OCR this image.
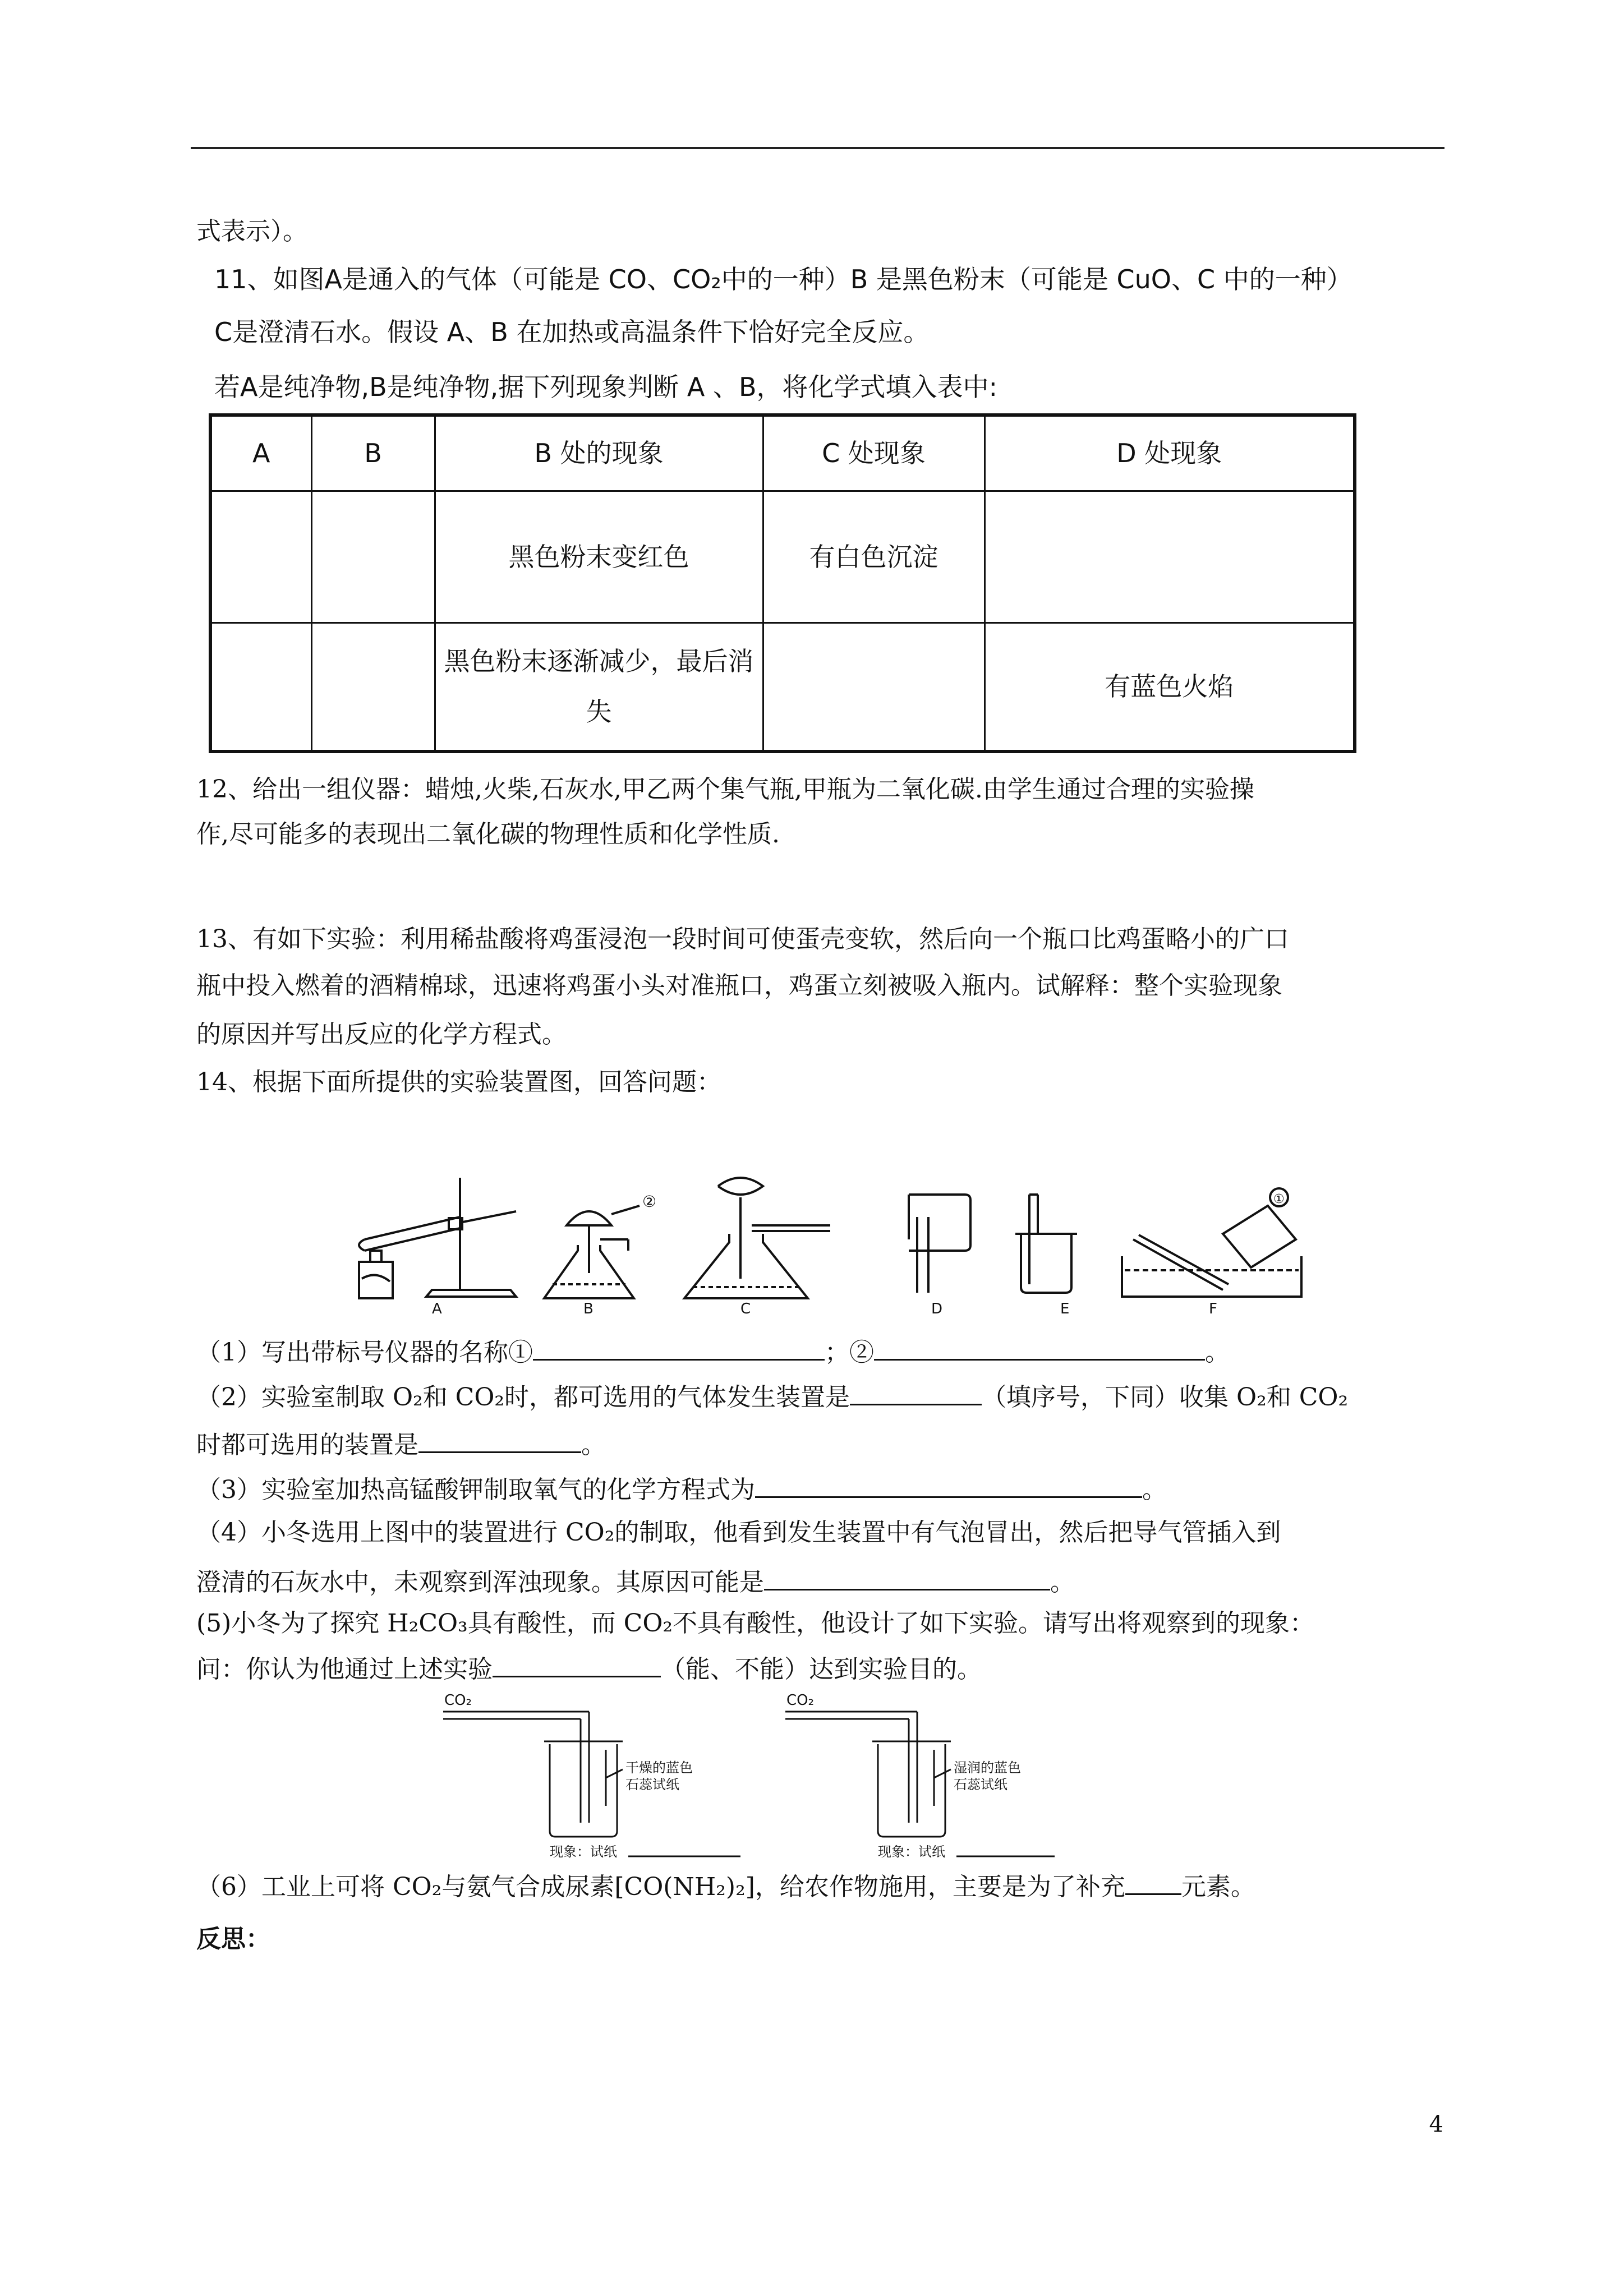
式表示）。
11、如图A是通入的气体（可能是 CO、CO₂中的一种）B 是黑色粉末（可能是 CuO、C 中的一种）
C是澄清石水。假设 A、B 在加热或高温条件下恰好完全反应。
若A是纯净物,B是纯净物,据下列现象判断 A 、B，将化学式填入表中:
A	B	B 处的现象	C 处现象	D 处现象
		黑色粉末变红色	有白色沉淀	
		黑色粉末逐渐减少，最后消失		有蓝色火焰
12、给出一组仪器：蜡烛,火柴,石灰水,甲乙两个集气瓶,甲瓶为二氧化碳.由学生通过合理的实验操
作,尽可能多的表现出二氧化碳的物理性质和化学性质.
13、有如下实验：利用稀盐酸将鸡蛋浸泡一段时间可使蛋壳变软，然后向一个瓶口比鸡蛋略小的广口
瓶中投入燃着的酒精棉球，迅速将鸡蛋小头对准瓶口，鸡蛋立刻被吸入瓶内。试解释：整个实验现象
的原因并写出反应的化学方程式。
14、根据下面所提供的实验装置图，回答问题：
A
②
B	C	D	E
①
F
（1）写出带标号仪器的名称①	；②	。
（2）实验室制取 O₂和 CO₂时，都可选用的气体发生装置是	（填序号，下同）收集 O₂和 CO₂
时都可选用的装置是	。
（3）实验室加热高锰酸钾制取氧气的化学方程式为	。
（4）小冬选用上图中的装置进行 CO₂的制取，他看到发生装置中有气泡冒出，然后把导气管插入到
澄清的石灰水中，未观察到浑浊现象。其原因可能是	。
(5)小冬为了探究 H₂CO₃具有酸性，而 CO₂不具有酸性，他设计了如下实验。请写出将观察到的现象：
问：你认为他通过上述实验	（能、不能）达到实验目的。
CO₂
干燥的蓝色
石蕊试纸
现象：试纸
CO₂
湿润的蓝色
石蕊试纸
现象：试纸
（6）工业上可将 CO₂与氨气合成尿素[CO(NH₂)₂]，给农作物施用，主要是为了补充 元素。
反思：
4
